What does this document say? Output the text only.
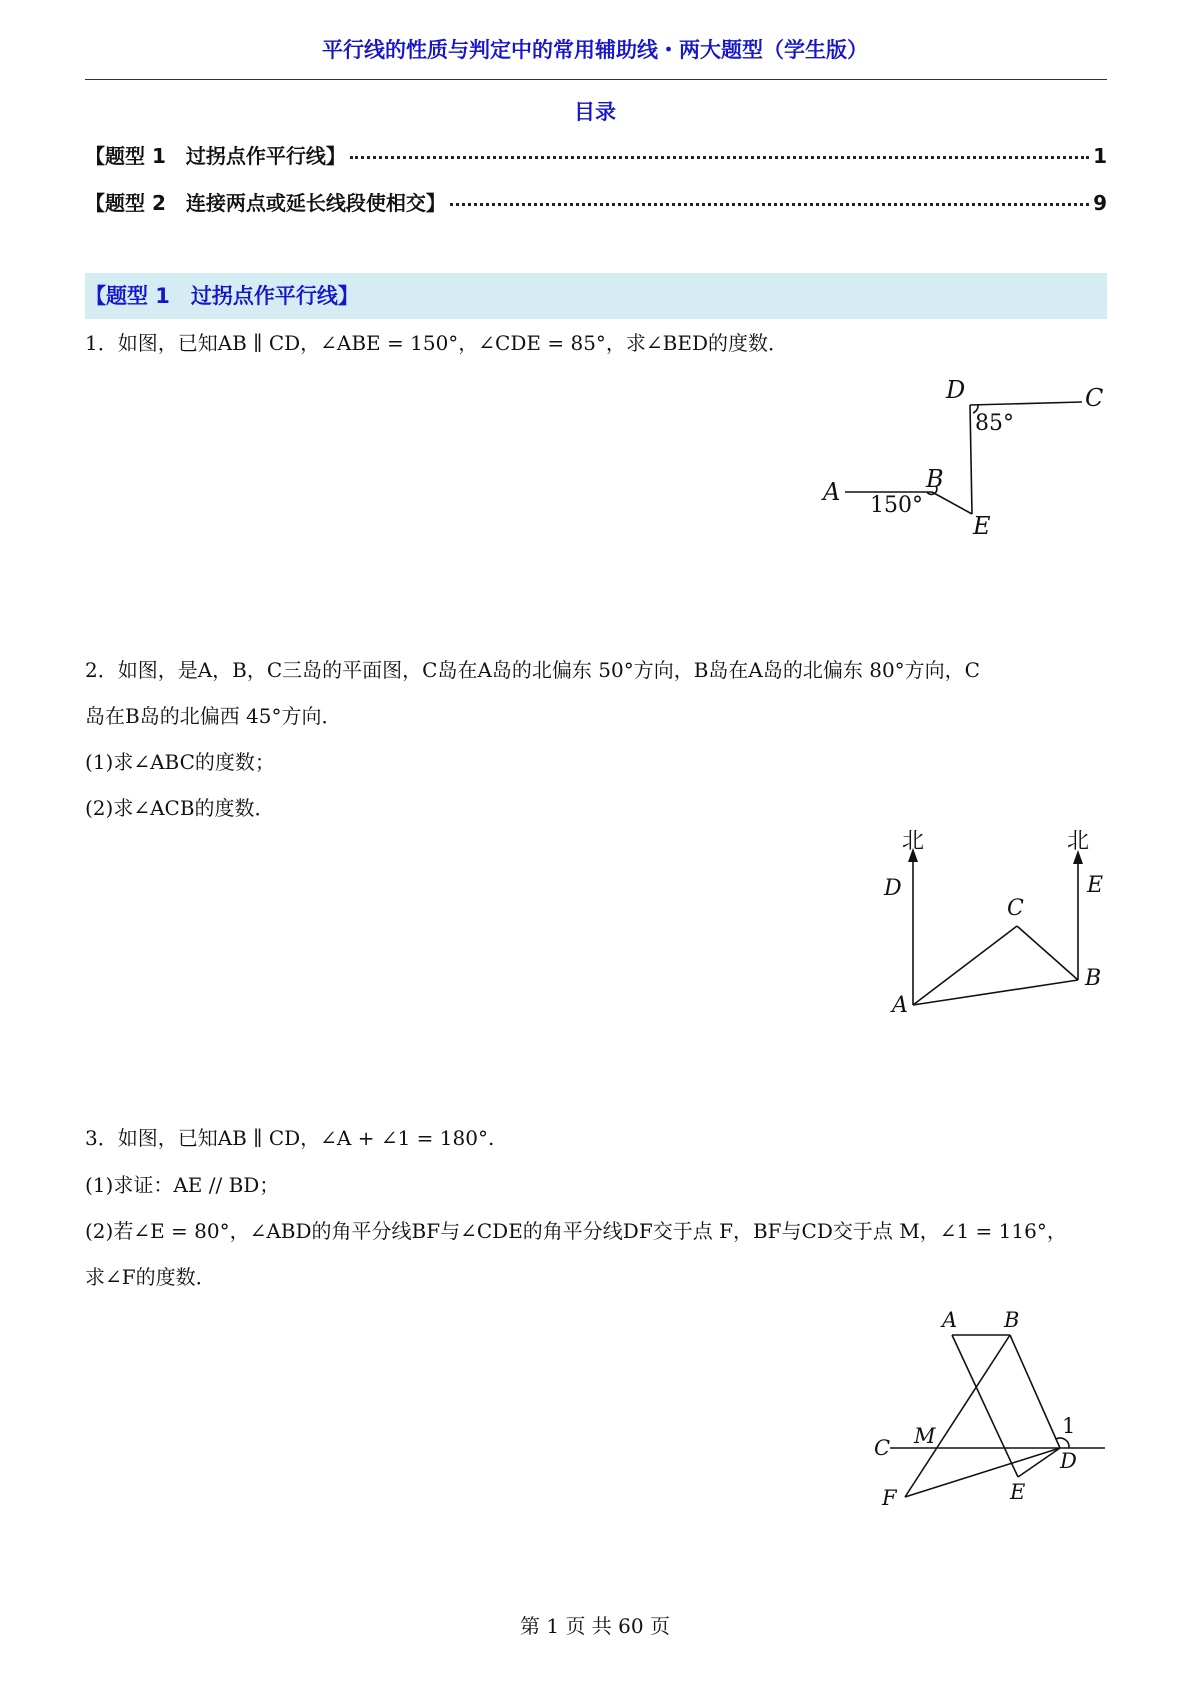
平行线的性质与判定中的常用辅助线・两大题型（学生版）
目录
【题型 1　过拐点作平行线】	1
【题型 2　连接两点或延长线段使相交】	9
【题型 1　过拐点作平行线】
1．如图，已知AB ∥ CD，∠ABE = 150°，∠CDE = 85°，求∠BED的度数．
D	C
A	B
E
85°
150°
2．如图，是A，B，C三岛的平面图，C岛在A岛的北偏东 50°方向，B岛在A岛的北偏东 80°方向，C
岛在B岛的北偏西 45°方向．
(1)求∠ABC的度数；
(2)求∠ACB的度数．
北	北
D	E
C
B
A
3．如图，已知AB ∥ CD，∠A + ∠1 = 180°.
(1)求证：AE // BD；
(2)若∠E = 80°，∠ABD的角平分线BF与∠CDE的角平分线DF交于点 F，BF与CD交于点 M，∠1 = 116°，
求∠F的度数．
A B
C M	1
D
F	E
第 1 页 共 60 页
